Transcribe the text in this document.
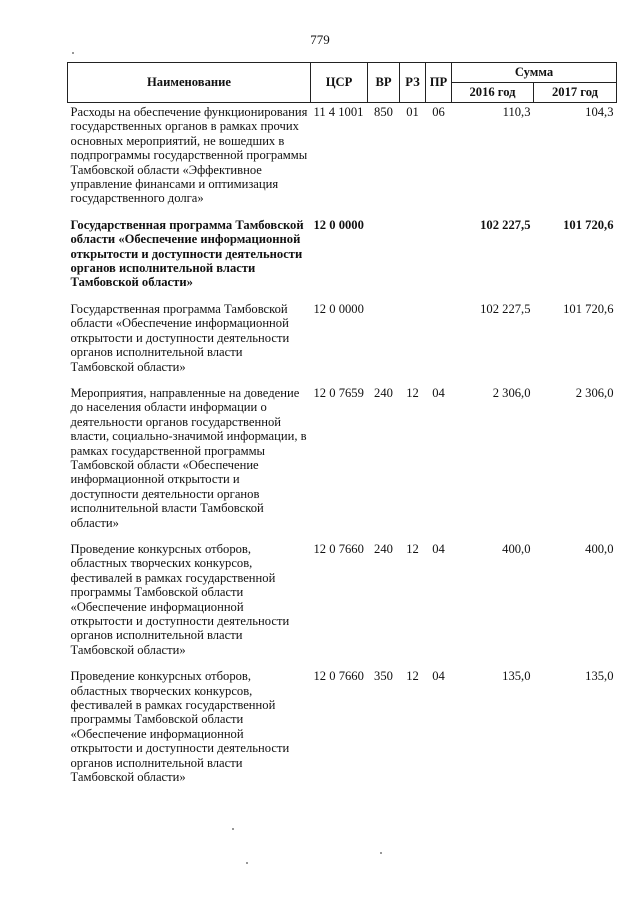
779
Наименование	ЦСР	ВР	РЗ	ПР	Сумма	
					2016 год	2017 год
Расходы на обеспечение функционирования государственных органов в рамках прочих основных мероприятий, не вошедших в подпрограммы государственной программы Тамбовской области «Эффективное управление финансами и оптимизация государственного долга»	11 4 1001	850	01	06	110,3	104,3
Государственная программа Тамбовской области «Обеспечение информационной открытости и доступности деятельности органов исполнительной власти Тамбовской области»	12 0 0000				102 227,5	101 720,6
Государственная программа Тамбовской области «Обеспечение информационной открытости и доступности деятельности органов исполнительной власти Тамбовской области»	12 0 0000				102 227,5	101 720,6
Мероприятия, направленные на доведение до населения области информации о деятельности органов государственной власти, социально-значимой информации, в рамках государственной программы Тамбовской области «Обеспечение информационной открытости и доступности деятельности органов исполнительной власти Тамбовской области»	12 0 7659	240	12	04	2 306,0	2 306,0
Проведение конкурсных отборов, областных творческих конкурсов, фестивалей в рамках государственной программы Тамбовской области «Обеспечение информационной открытости и доступности деятельности органов исполнительной власти Тамбовской области»	12 0 7660	240	12	04	400,0	400,0
Проведение конкурсных отборов, областных творческих конкурсов, фестивалей в рамках государственной программы Тамбовской области «Обеспечение информационной открытости и доступности деятельности органов исполнительной власти Тамбовской области»	12 0 7660	350	12	04	135,0	135,0
